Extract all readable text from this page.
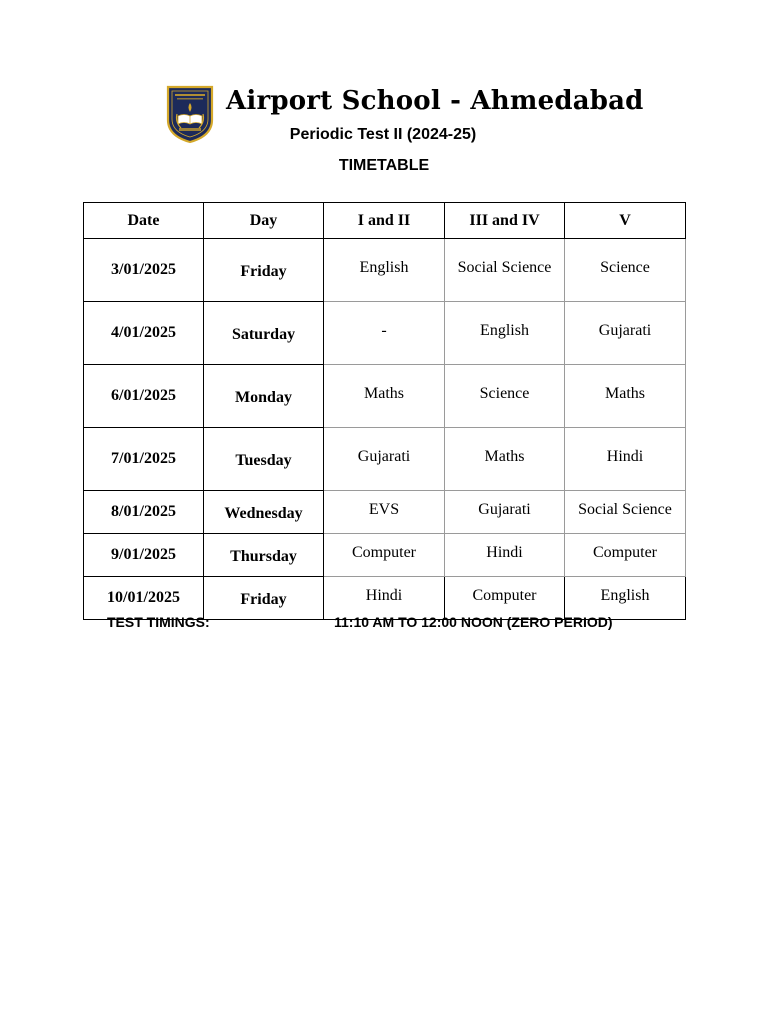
Airport School - Ahmedabad
Periodic Test II (2024-25)
TIMETABLE
Date	Day	I and II	III and IV	V
3/01/2025	Friday	English	Social Science	Science
4/01/2025	Saturday	-	English	Gujarati
6/01/2025	Monday	Maths	Science	Maths
7/01/2025	Tuesday	Gujarati	Maths	Hindi
8/01/2025	Wednesday	EVS	Gujarati	Social Science
9/01/2025	Thursday	Computer	Hindi	Computer
10/01/2025	Friday	Hindi	Computer	English
TEST TIMINGS:	11:10 AM TO 12:00 NOON (ZERO PERIOD)
